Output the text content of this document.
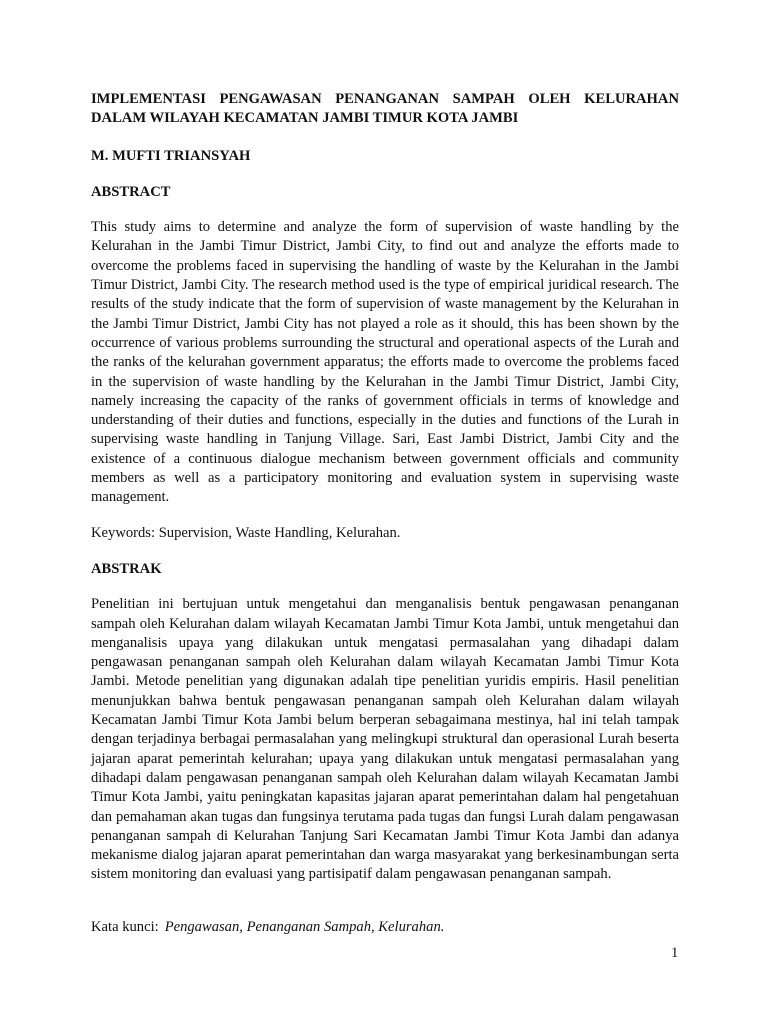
IMPLEMENTASI PENGAWASAN PENANGANAN SAMPAH OLEH KELURAHAN
DALAM WILAYAH KECAMATAN JAMBI TIMUR KOTA JAMBI
M. MUFTI TRIANSYAH
ABSTRACT
This study aims to determine and analyze the form of supervision of waste handling by the Kelurahan in the Jambi Timur District, Jambi City, to find out and analyze the efforts made to overcome the problems faced in supervising the handling of waste by the Kelurahan in the Jambi Timur District, Jambi City. The research method used is the type of empirical juridical research. The results of the study indicate that the form of supervision of waste management by the Kelurahan in the Jambi Timur District, Jambi City has not played a role as it should, this has been shown by the occurrence of various problems surrounding the structural and operational aspects of the Lurah and the ranks of the kelurahan government apparatus; the efforts made to overcome the problems faced in the supervision of waste handling by the Kelurahan in the Jambi Timur District, Jambi City, namely increasing the capacity of the ranks of government officials in terms of knowledge and understanding of their duties and functions, especially in the duties and functions of the Lurah in supervising waste handling in Tanjung Village. Sari, East Jambi District, Jambi City and the existence of a continuous dialogue mechanism between government officials and community members as well as a participatory monitoring and evaluation system in supervising waste management.
Keywords: Supervision, Waste Handling, Kelurahan.
ABSTRAK
Penelitian ini bertujuan untuk mengetahui dan menganalisis bentuk pengawasan penanganan sampah oleh Kelurahan dalam wilayah Kecamatan Jambi Timur Kota Jambi, untuk mengetahui dan menganalisis upaya yang dilakukan untuk mengatasi permasalahan yang dihadapi dalam pengawasan penanganan sampah oleh Kelurahan dalam wilayah Kecamatan Jambi Timur Kota Jambi. Metode penelitian yang digunakan adalah tipe penelitian yuridis empiris. Hasil penelitian menunjukkan bahwa bentuk pengawasan penanganan sampah oleh Kelurahan dalam wilayah Kecamatan Jambi Timur Kota Jambi belum berperan sebagaimana mestinya, hal ini telah tampak dengan terjadinya berbagai permasalahan yang melingkupi struktural dan operasional Lurah beserta jajaran aparat pemerintah kelurahan; upaya yang dilakukan untuk mengatasi permasalahan yang dihadapi dalam pengawasan penanganan sampah oleh Kelurahan dalam wilayah Kecamatan Jambi Timur Kota Jambi, yaitu peningkatan kapasitas jajaran aparat pemerintahan dalam hal pengetahuan dan pemahaman akan tugas dan fungsinya terutama pada tugas dan fungsi Lurah dalam pengawasan penanganan sampah di Kelurahan Tanjung Sari Kecamatan Jambi Timur Kota Jambi dan adanya mekanisme dialog jajaran aparat pemerintahan dan warga masyarakat yang berkesinambungan serta sistem monitoring dan evaluasi yang partisipatif dalam pengawasan penanganan sampah.
Kata kunci: Pengawasan, Penanganan Sampah, Kelurahan.
1
